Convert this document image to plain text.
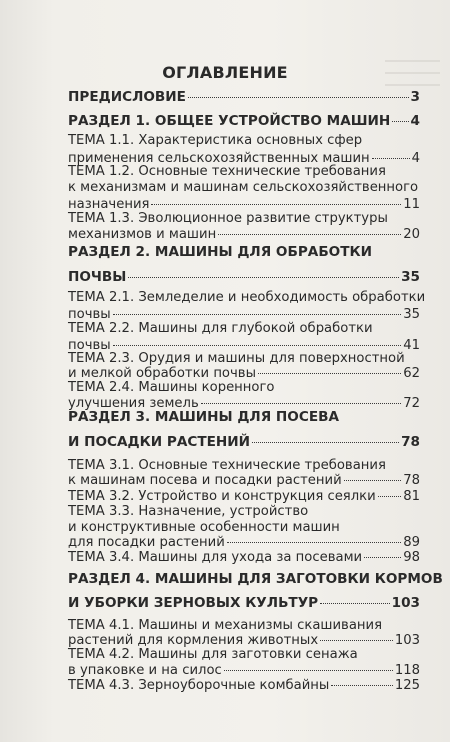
ОГЛАВЛЕНИЕ
ПРЕДИСЛОВИЕ	3
РАЗДЕЛ 1. ОБЩЕЕ УСТРОЙСТВО МАШИН 4
ТЕМА 1.1. Характеристика основных сфер
применения сельскохозяйственных машин	4
ТЕМА 1.2. Основные технические требования
к механизмам и машинам сельскохозяйственного
назначения	11
ТЕМА 1.3. Эволюционное развитие структуры
механизмов и машин	20
РАЗДЕЛ 2. МАШИНЫ ДЛЯ ОБРАБОТКИ
ПОЧВЫ	35
ТЕМА 2.1. Земледелие и необходимость обработки
почвы	35
ТЕМА 2.2. Машины для глубокой обработки
почвы	41
ТЕМА 2.3. Орудия и машины для поверхностной
и мелкой обработки почвы	62
ТЕМА 2.4. Машины коренного
улучшения земель	72
РАЗДЕЛ 3. МАШИНЫ ДЛЯ ПОСЕВА
И ПОСАДКИ РАСТЕНИЙ	78
ТЕМА 3.1. Основные технические требования
к машинам посева и посадки растений	78
ТЕМА 3.2. Устройство и конструкция сеялки 81
ТЕМА 3.3. Назначение, устройство
и конструктивные особенности машин
для посадки растений	89
ТЕМА 3.4. Машины для ухода за посевами	98
РАЗДЕЛ 4. МАШИНЫ ДЛЯ ЗАГОТОВКИ КОРМОВ
И УБОРКИ ЗЕРНОВЫХ КУЛЬТУР	103
ТЕМА 4.1. Машины и механизмы скашивания
растений для кормления животных	103
ТЕМА 4.2. Машины для заготовки сенажа
в упаковке и на силос	118
ТЕМА 4.3. Зерноуборочные комбайны	125
